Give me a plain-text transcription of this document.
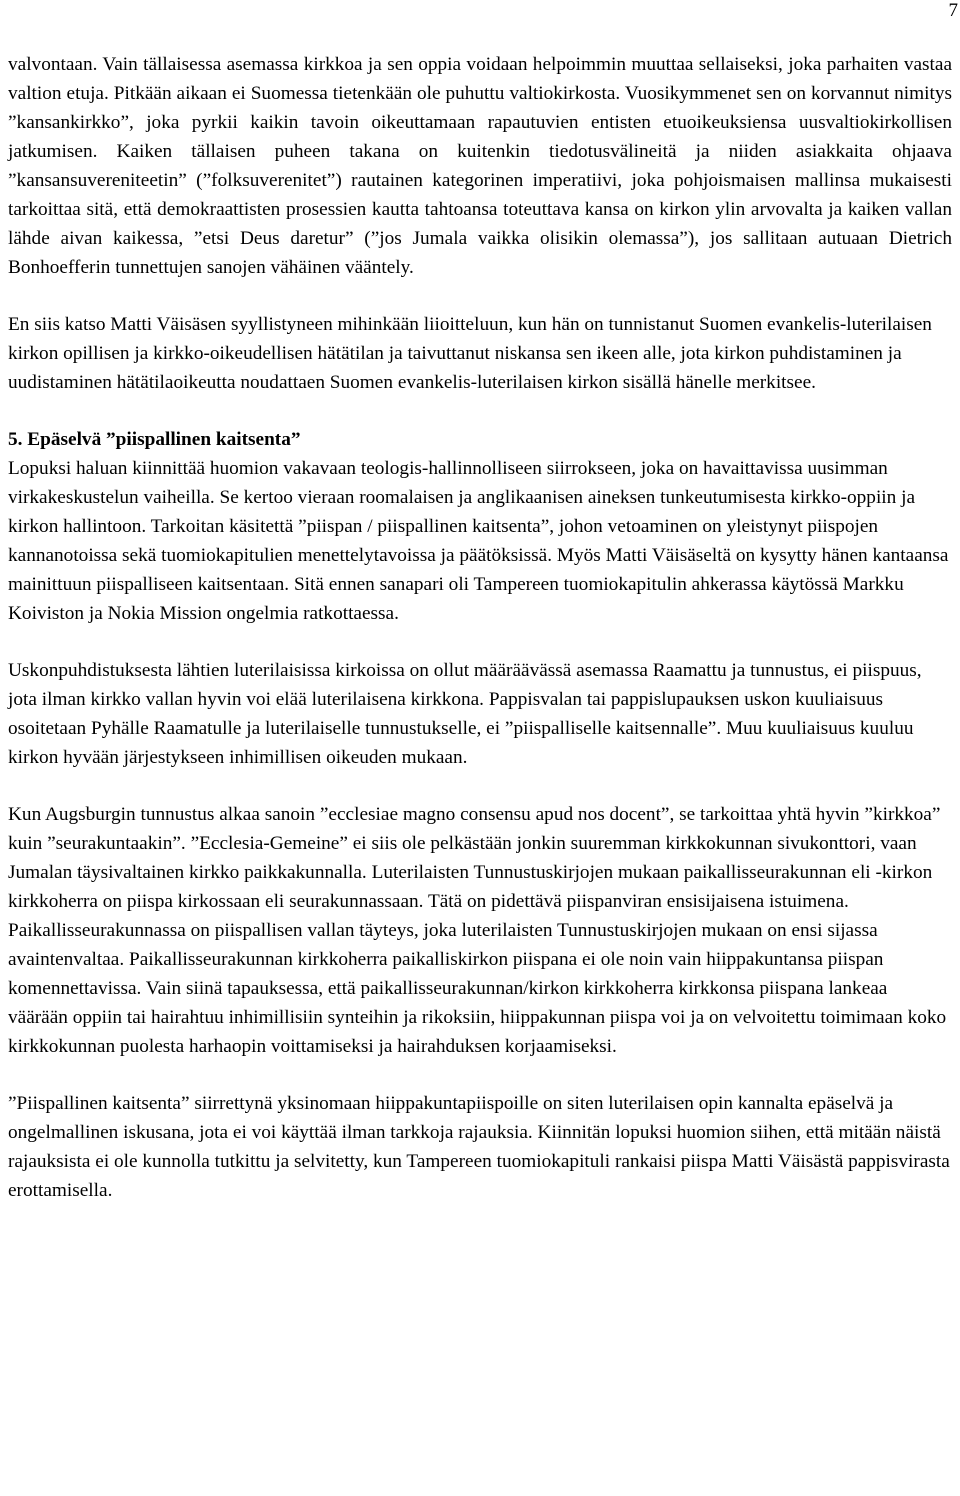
7

valvontaan. Vain tällaisessa asemassa kirkkoa ja sen oppia voidaan helpoimmin muuttaa sellaiseksi, joka parhaiten vastaa valtion etuja. Pitkään aikaan ei Suomessa tietenkään ole puhuttu valtiokirkosta. Vuosikymmenet sen on korvannut nimitys ”kansankirkko”, joka pyrkii kaikin tavoin oikeuttamaan rapautuvien entisten etuoikeuksiensa uusvaltiokirkollisen jatkumisen. Kaiken tällaisen puheen takana on kuitenkin tiedotusvälineitä ja niiden asiakkaita ohjaava ”kansansuvereniteetin” (”folksuverenitet”) rautainen kategorinen imperatiivi, joka pohjoismaisen mallinsa mukaisesti tarkoittaa sitä, että demokraattisten prosessien kautta tahtoansa toteuttava kansa on kirkon ylin arvovalta ja kaiken vallan lähde aivan kaikessa, ”etsi Deus daretur” (”jos Jumala vaikka olisikin olemassa”), jos sallitaan autuaan Dietrich Bonhoefferin tunnettujen sanojen vähäinen vääntely.

En siis katso Matti Väisäsen syyllistyneen mihinkään liioitteluun, kun hän on tunnistanut Suomen evankelis-luterilaisen kirkon opillisen ja kirkko-oikeudellisen hätätilan ja taivuttanut niskansa sen ikeen alle, jota kirkon puhdistaminen ja uudistaminen hätätilaoikeutta noudattaen Suomen evankelis-luterilaisen kirkon sisällä hänelle merkitsee.

5. Epäselvä ”piispallinen kaitsenta”

Lopuksi haluan kiinnittää huomion vakavaan teologis-hallinnolliseen siirrokseen, joka on havaittavissa uusimman virkakeskustelun vaiheilla. Se kertoo vieraan roomalaisen ja anglikaanisen aineksen tunkeutumisesta kirkko-oppiin ja kirkon hallintoon. Tarkoitan käsitettä ”piispan / piispallinen kaitsenta”, johon vetoaminen on yleistynyt piispojen kannanotoissa sekä tuomiokapitulien menettelytavoissa ja päätöksissä. Myös Matti Väisäseltä on kysytty hänen kantaansa mainittuun piispalliseen kaitsentaan. Sitä ennen sanapari oli Tampereen tuomiokapitulin ahkerassa käytössä Markku Koiviston ja Nokia Mission ongelmia ratkottaessa.

Uskonpuhdistuksesta lähtien luterilaisissa kirkoissa on ollut määräävässä asemassa Raamattu ja tunnustus, ei piispuus, jota ilman kirkko vallan hyvin voi elää luterilaisena kirkkona. Pappisvalan tai pappislupauksen uskon kuuliaisuus osoitetaan Pyhälle Raamatulle ja luterilaiselle tunnustukselle, ei ”piispalliselle kaitsennalle”. Muu kuuliaisuus kuuluu kirkon hyvään järjestykseen inhimillisen oikeuden mukaan.

Kun Augsburgin tunnustus alkaa sanoin ”ecclesiae magno consensu apud nos docent”, se tarkoittaa yhtä hyvin ”kirkkoa” kuin ”seurakuntaakin”. ”Ecclesia-Gemeine” ei siis ole pelkästään jonkin suuremman kirkkokunnan sivukonttori, vaan Jumalan täysivaltainen kirkko paikkakunnalla. Luterilaisten Tunnustuskirjojen mukaan paikallisseurakunnan eli -kirkon kirkkoherra on piispa kirkossaan eli seurakunnassaan. Tätä on pidettävä piispanviran ensisijaisena istuimena. Paikallisseurakunnassa on piispallisen vallan täyteys, joka luterilaisten Tunnustuskirjojen mukaan on ensi sijassa avaintenvaltaa. Paikallisseurakunnan kirkkoherra paikalliskirkon piispana ei ole noin vain hiippakuntansa piispan komennettavissa. Vain siinä tapauksessa, että paikallisseurakunnan/kirkon kirkkoherra kirkkonsa piispana lankeaa väärään oppiin tai hairahtuu inhimillisiin synteihin ja rikoksiin, hiippakunnan piispa voi ja on velvoitettu toimimaan koko kirkkokunnan puolesta harhaopin voittamiseksi ja hairahduksen korjaamiseksi.

”Piispallinen kaitsenta” siirrettynä yksinomaan hiippakuntapiispoille on siten luterilaisen opin kannalta epäselvä ja ongelmallinen iskusana, jota ei voi käyttää ilman tarkkoja rajauksia. Kiinnitän lopuksi huomion siihen, että mitään näistä rajauksista ei ole kunnolla tutkittu ja selvitetty, kun Tampereen tuomiokapituli rankaisi piispa Matti Väisästä pappisvirasta erottamisella.
